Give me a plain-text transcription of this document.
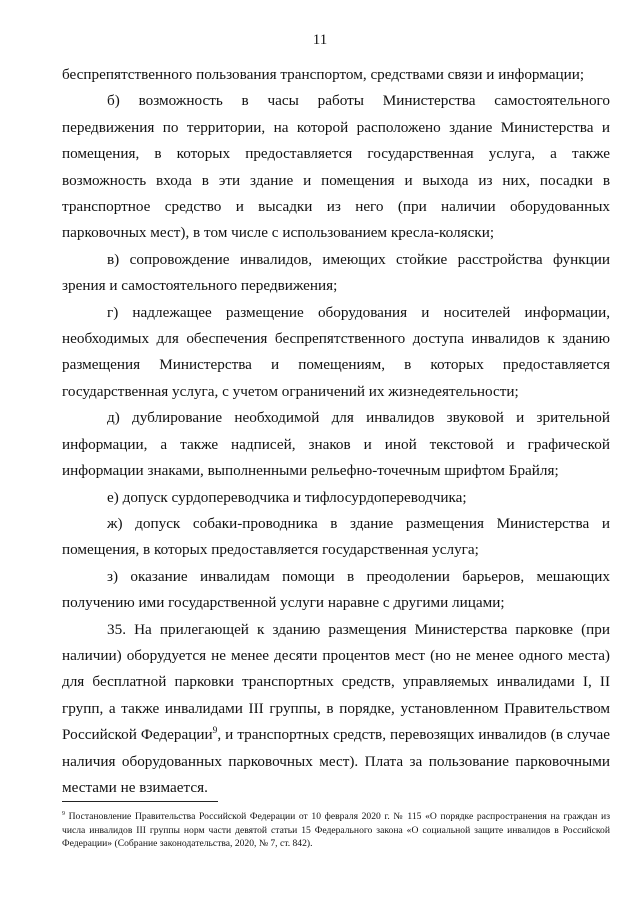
11

беспрепятственного пользования транспортом, средствами связи и информации;

б) возможность в часы работы Министерства самостоятельного передвижения по территории, на которой расположено здание Министерства и помещения, в которых предоставляется государственная услуга, а также возможность входа в эти здание и помещения и выхода из них, посадки в транспортное средство и высадки из него (при наличии оборудованных парковочных мест), в том числе с использованием кресла-коляски;

в) сопровождение инвалидов, имеющих стойкие расстройства функции зрения и самостоятельного передвижения;

г) надлежащее размещение оборудования и носителей информации, необходимых для обеспечения беспрепятственного доступа инвалидов к зданию размещения Министерства и помещениям, в которых предоставляется государственная услуга, с учетом ограничений их жизнедеятельности;

д) дублирование необходимой для инвалидов звуковой и зрительной информации, а также надписей, знаков и иной текстовой и графической информации знаками, выполненными рельефно-точечным шрифтом Брайля;

е) допуск сурдопереводчика и тифлосурдопереводчика;

ж) допуск собаки-проводника в здание размещения Министерства и помещения, в которых предоставляется государственная услуга;

з) оказание инвалидам помощи в преодолении барьеров, мешающих получению ими государственной услуги наравне с другими лицами;

35. На прилегающей к зданию размещения Министерства парковке (при наличии) оборудуется не менее десяти процентов мест (но не менее одного места) для бесплатной парковки транспортных средств, управляемых инвалидами I, II групп, а также инвалидами III группы, в порядке, установленном Правительством Российской Федерации$^9$, и транспортных средств, перевозящих инвалидов (в случае наличия оборудованных парковочных мест). Плата за пользование парковочными местами не взимается.

$^9$ Постановление Правительства Российской Федерации от 10 февраля 2020 г. № 115 «О порядке распространения на граждан из числа инвалидов III группы норм части девятой статьи 15 Федерального закона «О социальной защите инвалидов в Российской Федерации» (Собрание законодательства, 2020, № 7, ст. 842).
